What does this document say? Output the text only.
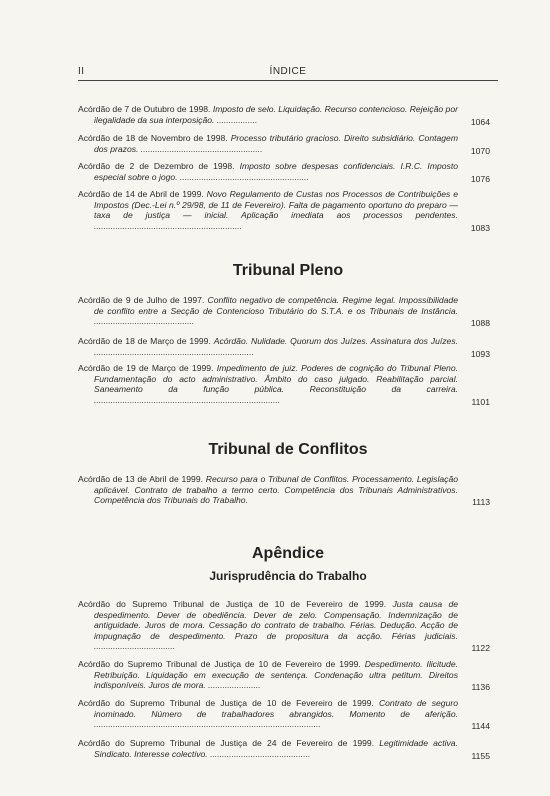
II	ÍNDICE
Acórdão de 7 de Outubro de 1998. Imposto de selo. Liquidação. Recurso contencioso. Rejeição por ilegalidade da sua interposição. .................	1064
Acórdão de 18 de Novembro de 1998. Processo tributário gracioso. Direito subsidiário. Contagem dos prazos. ...................................................	1070
Acórdão de 2 de Dezembro de 1998. Imposto sobre despesas confidenciais. I.R.C. Imposto especial sobre o jogo. ......................................................	1076
Acórdão de 14 de Abril de 1999. Novo Regulamento de Custas nos Processos de Contribuições e Impostos (Dec.-Lei n.º 29/98, de 11 de Fevereiro). Falta de pagamento oportuno do preparo — taxa de justiça — inicial. Aplicação imediata aos processos pendentes. ..............................................................	1083
Tribunal Pleno
Acórdão de 9 de Julho de 1997. Conflito negativo de competência. Regime legal. Impossibilidade de conflito entre a Secção de Contencioso Tributário do S.T.A. e os Tribunais de Instância. ..........................................	1088
Acórdão de 18 de Março de 1999. Acórdão. Nulidade. Quorum dos Juízes. Assinatura dos Juízes. ...................................................................	1093
Acórdão de 19 de Março de 1999. Impedimento de juiz. Poderes de cognição do Tribunal Pleno. Fundamentação do acto administrativo. Âmbito do caso julgado. Reabilitação parcial. Saneamento da função pública. Reconstituição da carreira. ..............................................................................	1101
Tribunal de Conflitos
Acórdão de 13 de Abril de 1999. Recurso para o Tribunal de Conflitos. Processamento. Legislação aplicável. Contrato de trabalho a termo certo. Competência dos Tribunais Administrativos. Competência dos Tribunais do Trabalho.	1113
Apêndice
Jurisprudência do Trabalho
Acórdão do Supremo Tribunal de Justiça de 10 de Fevereiro de 1999. Justa causa de despedimento. Dever de obediência. Dever de zelo. Compensação. Indemnização de antiguidade. Juros de mora. Cessação do contrato de trabalho. Férias. Dedução. Acção de impugnação de despedimento. Prazo de propositura da acção. Férias judiciais. ..................................	1122
Acórdão do Supremo Tribunal de Justiça de 10 de Fevereiro de 1999. Despedimento. Ilicitude. Retribuição. Liquidação em execução de sentença. Condenação ultra petitum. Direitos indisponíveis. Juros de mora. ......................	1136
Acórdão do Supremo Tribunal de Justiça de 10 de Fevereiro de 1999. Contrato de seguro inominado. Número de trabalhadores abrangidos. Momento de aferição. ...............................................................................................	1144
Acórdão do Supremo Tribunal de Justiça de 24 de Fevereiro de 1999. Legitimidade activa. Sindicato. Interesse colectivo. ..........................................	1155
